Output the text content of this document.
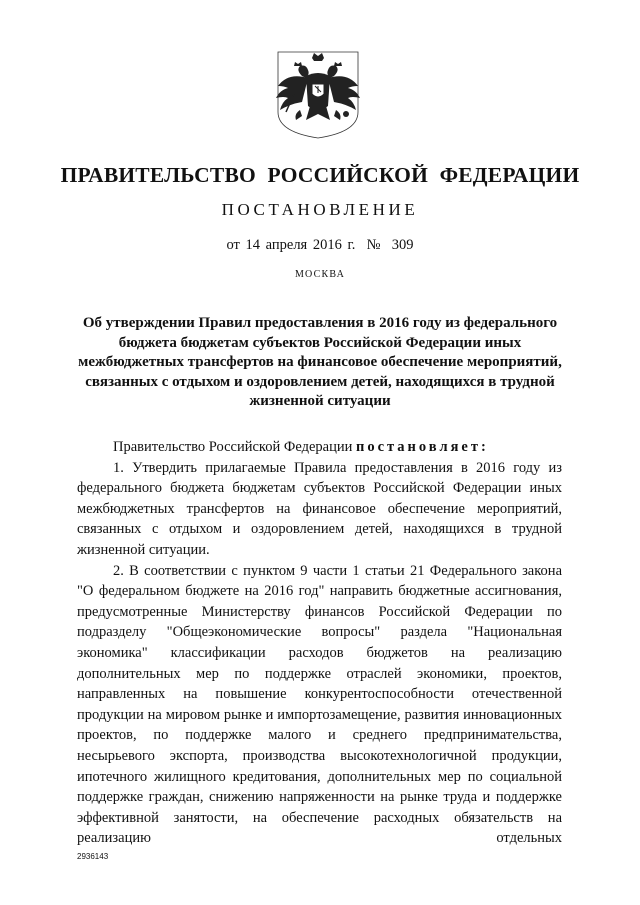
ПРАВИТЕЛЬСТВО РОССИЙСКОЙ ФЕДЕРАЦИИ
ПОСТАНОВЛЕНИЕ
от 14 апреля 2016 г.  №  309
МОСКВА
Об утверждении Правил предоставления в 2016 году из федерального бюджета бюджетам субъектов Российской Федерации иных межбюджетных трансфертов на финансовое обеспечение мероприятий, связанных с отдыхом и оздоровлением детей, находящихся в трудной жизненной ситуации

Правительство Российской Федерации постановляет:

1. Утвердить прилагаемые Правила предоставления в 2016 году из федерального бюджета бюджетам субъектов Российской Федерации иных межбюджетных трансфертов на финансовое обеспечение мероприятий, связанных с отдыхом и оздоровлением детей, находящихся в трудной жизненной ситуации.

2. В соответствии с пунктом 9 части 1 статьи 21 Федерального закона "О федеральном бюджете на 2016 год" направить бюджетные ассигнования, предусмотренные Министерству финансов Российской Федерации по подразделу "Общеэкономические вопросы" раздела "Национальная экономика" классификации расходов бюджетов на реализацию дополнительных мер по поддержке отраслей экономики, проектов, направленных на повышение конкурентоспособности отечественной продукции на мировом рынке и импортозамещение, развития инновационных проектов, по поддержке малого и среднего предпринимательства, несырьевого экспорта, производства высокотехнологичной продукции, ипотечного жилищного кредитования, дополнительных мер по социальной поддержке граждан, снижению напряженности на рынке труда и поддержке эффективной занятости, на обеспечение расходных обязательств на реализацию отдельных

2936143
